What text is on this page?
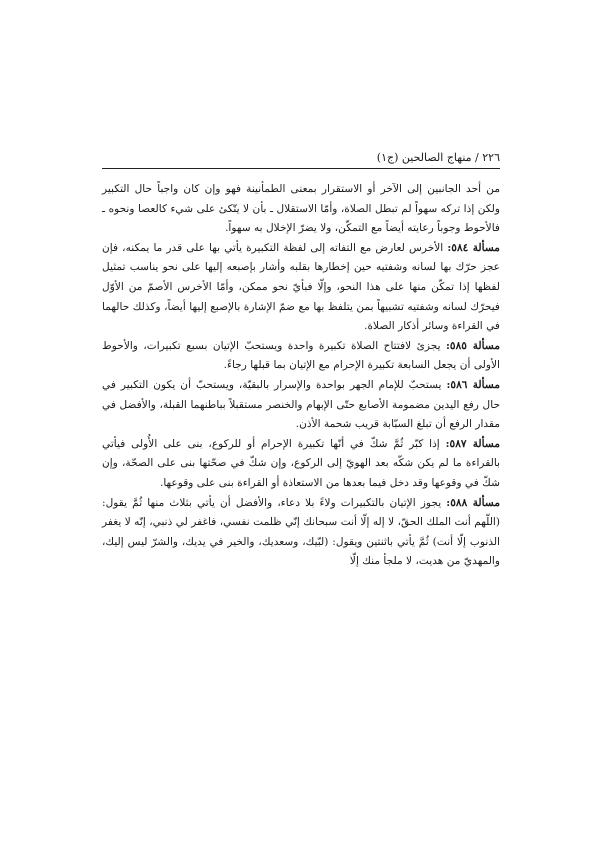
٢٢٦ / منهاج الصالحين (ج١)

من أحد الجانبين إلى الآخر أو الاستقرار بمعنى الطمأنينة فهو وإن كان واجباً حال التكبير ولكن إذا تركه سهواً لم تبطل الصلاة، وأمّا الاستقلال ـ بأن لا يتّكئ على شيء كالعصا ونحوه ـ فالأحوط وجوباً رعايته أيضاً مع التمكّن، ولا يضرّ الإخلال به سهواً.

مسألة ٥٨٤: الأخرس لعارض مع التفاته إلى لفظة التكبيرة يأتي بها على قدر ما يمكنه، فإن عجز حرّك بها لسانه وشفتيه حين إخطارها بقلبه وأشار بإصبعه إليها على نحو يناسب تمثيل لفظها إذا تمكّن منها على هذا النحو، وإلّا فبأيّ نحو ممكن، وأمّا الأخرس الأصمّ من الأوّل فيحرّك لسانه وشفتيه تشبيهاً بمن يتلفظ بها مع ضمّ الإشارة بالإصبع إليها أيضاً، وكذلك حالهما في القراءة وسائر أذكار الصلاة.

مسألة ٥٨٥: يجزئ لافتتاح الصلاة تكبيرة واحدة ويستحبّ الإتيان بسبع تكبيرات، والأحوط الأولى أن يجعل السابعة تكبيرة الإحرام مع الإتيان بما قبلها رجاءً.

مسألة ٥٨٦: يستحبّ للإمام الجهر بواحدة والإسرار بالبقيّة، ويستحبّ أن يكون التكبير في حال رفع اليدين مضمومة الأصابع حتّى الإبهام والخنصر مستقبلاً بباطنهما القبلة، والأفضل في مقدار الرفع أن تبلغ السبّابة قريب شحمة الأذن.

مسألة ٥٨٧: إذا كبّر ثُمَّ شكّ في أنّها تكبيرة الإحرام أو للركوع، بنى على الأُولى فيأتي بالقراءة ما لم يكن شكّه بعد الهويّ إلى الركوع، وإن شكّ في صحّتها بنى على الصحّة، وإن شكّ في وقوعها وقد دخل فيما بعدها من الاستعاذة أو القراءة بنى على وقوعها.

مسألة ٥٨٨: يجوز الإتيان بالتكبيرات ولاءً بلا دعاء، والأفضل أن يأتي بثلاث منها ثُمَّ يقول: (اللّهم أنت الملك الحقّ، لا إله إلّا أنت سبحانك إنّي ظلمت نفسي، فاغفر لي ذنبي، إنّه لا يغفر الذنوب إلّا أنت) ثُمَّ يأتي باثنتين ويقول: (لبّيك، وسعديك، والخير في يديك، والشرّ ليس إليك، والمهديّ من هديت، لا ملجأ منك إلّا
